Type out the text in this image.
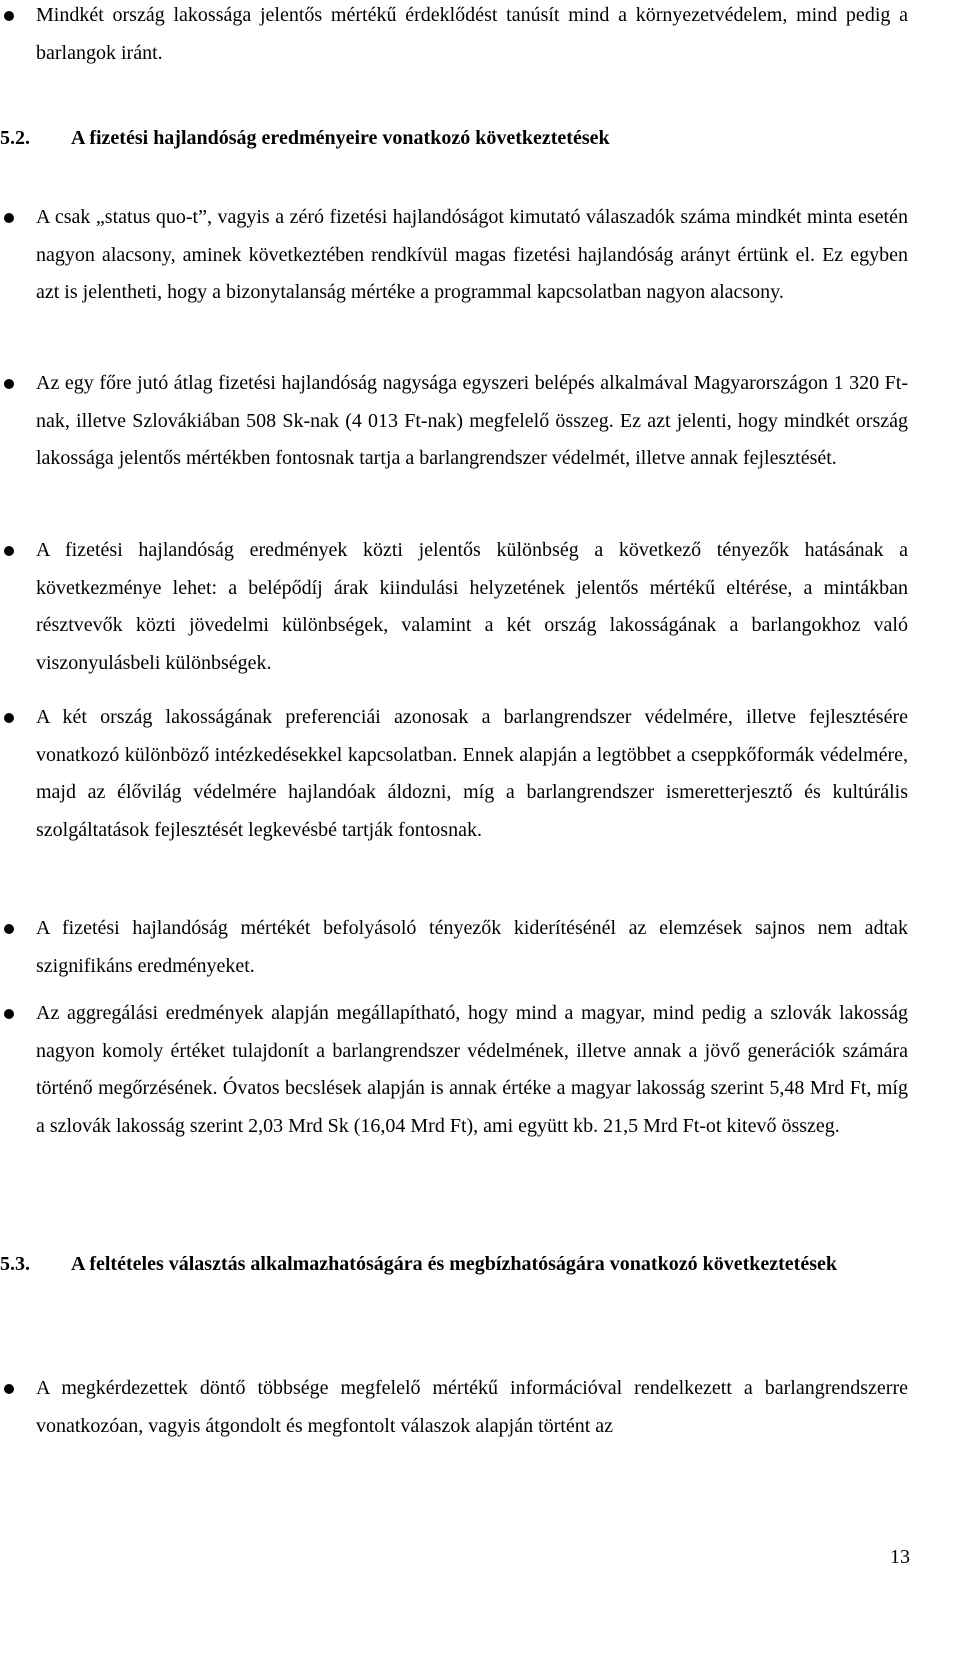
Mindkét ország lakossága jelentős mértékű érdeklődést tanúsít mind a környezetvédelem, mind pedig a barlangok iránt.

5.2. A fizetési hajlandóság eredményeire vonatkozó következtetések

A csak „status quo-t”, vagyis a zéró fizetési hajlandóságot kimutató válaszadók száma mindkét minta esetén nagyon alacsony, aminek következtében rendkívül magas fizetési hajlandóság arányt értünk el. Ez egyben azt is jelentheti, hogy a bizonytalanság mértéke a programmal kapcsolatban nagyon alacsony.

Az egy főre jutó átlag fizetési hajlandóság nagysága egyszeri belépés alkalmával Magyarországon 1 320 Ft-nak, illetve Szlovákiában 508 Sk-nak (4 013 Ft-nak) megfelelő összeg. Ez azt jelenti, hogy mindkét ország lakossága jelentős mértékben fontosnak tartja a barlangrendszer védelmét, illetve annak fejlesztését.

A fizetési hajlandóság eredmények közti jelentős különbség a következő tényezők hatásának a következménye lehet: a belépődíj árak kiindulási helyzetének jelentős mértékű eltérése, a mintákban résztvevők közti jövedelmi különbségek, valamint a két ország lakosságának a barlangokhoz való viszonyulásbeli különbségek.

A két ország lakosságának preferenciái azonosak a barlangrendszer védelmére, illetve fejlesztésére vonatkozó különböző intézkedésekkel kapcsolatban. Ennek alapján a legtöbbet a cseppkőformák védelmére, majd az élővilág védelmére hajlandóak áldozni, míg a barlangrendszer ismeretterjesztő és kultúrális szolgáltatások fejlesztését legkevésbé tartják fontosnak.

A fizetési hajlandóság mértékét befolyásoló tényezők kiderítésénél az elemzések sajnos nem adtak szignifikáns eredményeket.

Az aggregálási eredmények alapján megállapítható, hogy mind a magyar, mind pedig a szlovák lakosság nagyon komoly értéket tulajdonít a barlangrendszer védelmének, illetve annak a jövő generációk számára történő megőrzésének. Óvatos becslések alapján is annak értéke a magyar lakosság szerint 5,48 Mrd Ft, míg a szlovák lakosság szerint 2,03 Mrd Sk (16,04 Mrd Ft), ami együtt kb. 21,5 Mrd Ft-ot kitevő összeg.

5.3. A feltételes választás alkalmazhatóságára és megbízhatóságára vonatkozó következtetések

A megkérdezettek döntő többsége megfelelő mértékű információval rendelkezett a barlangrendszerre vonatkozóan, vagyis átgondolt és megfontolt válaszok alapján történt az

13
